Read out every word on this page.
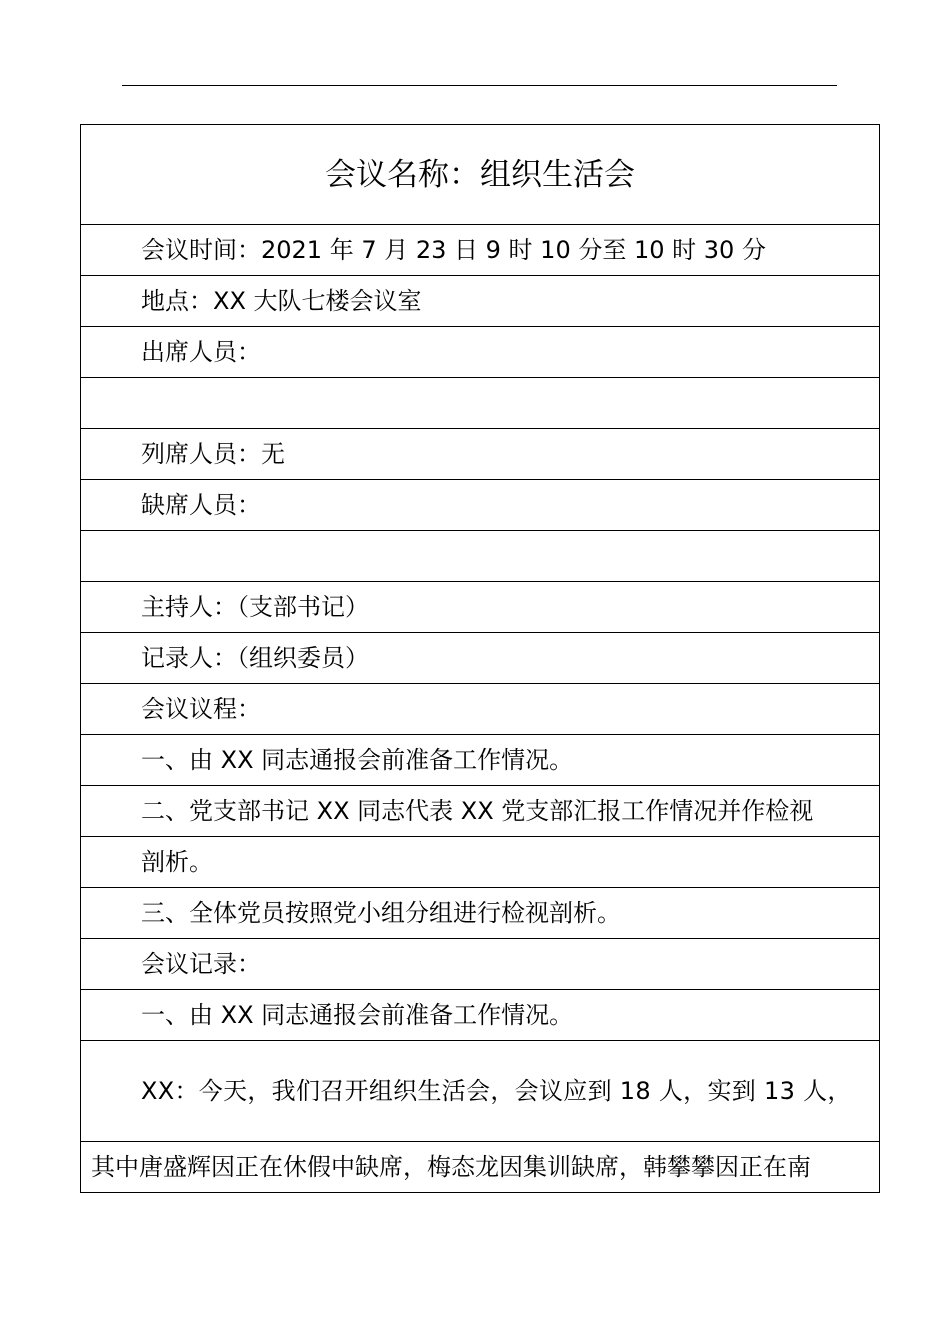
会议名称：组织生活会

会议时间：2021 年 7 月 23 日 9 时 10 分至 10 时 30 分

地点：XX 大队七楼会议室

出席人员：

列席人员：无

缺席人员：

主持人：（支部书记）

记录人：（组织委员）

会议议程：

一、由 XX 同志通报会前准备工作情况。

二、党支部书记 XX 同志代表 XX 党支部汇报工作情况并作检视

剖析。

三、全体党员按照党小组分组进行检视剖析。

会议记录：

一、由 XX 同志通报会前准备工作情况。

XX：今天，我们召开组织生活会，会议应到 18 人，实到 13 人，

其中唐盛辉因正在休假中缺席，梅态龙因集训缺席，韩攀攀因正在南
